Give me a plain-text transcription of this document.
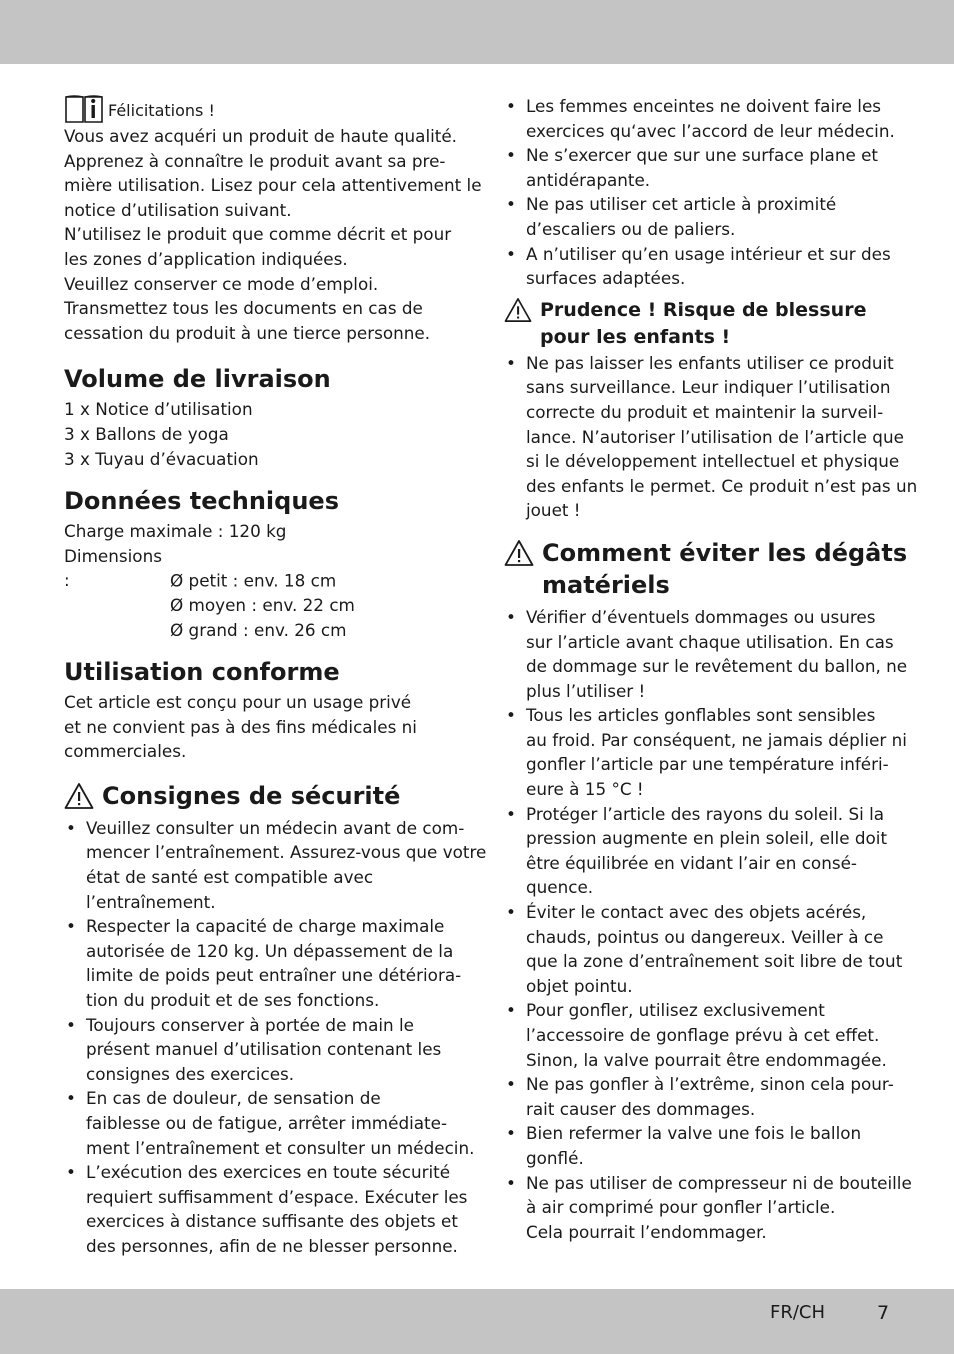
Félicitations !

Vous avez acquéri un produit de haute qualité.
Apprenez à connaître le produit avant sa pre-
mière utilisation. Lisez pour cela attentivement le
notice d’utilisation suivant.
N’utilisez le produit que comme décrit et pour
les zones d’application indiquées.
Veuillez conserver ce mode d’emploi.
Transmettez tous les documents en cas de
cessation du produit à une tierce personne.

Volume de livraison

1 x Notice d’utilisation
3 x Ballons de yoga
3 x Tuyau d’évacuation

Données techniques

Charge maximale : 120 kg
Dimensions :	Ø petit : env. 18 cm
Ø moyen : env. 22 cm
Ø grand : env. 26 cm

Utilisation conforme

Cet article est conçu pour un usage privé
et ne convient pas à des fins médicales ni
commerciales.

Consignes de sécurité
• Veuillez consulter un médecin avant de com-
mencer l’entraînement. Assurez-vous que votre
état de santé est compatible avec
l’entraînement.
• Respecter la capacité de charge maximale
autorisée de 120 kg. Un dépassement de la
limite de poids peut entraîner une détériora-
tion du produit et de ses fonctions.
• Toujours conserver à portée de main le
présent manuel d’utilisation contenant les
consignes des exercices.
• En cas de douleur, de sensation de
faiblesse ou de fatigue, arrêter immédiate-
ment l’entraînement et consulter un médecin.
• L’exécution des exercices en toute sécurité
requiert suffisamment d’espace. Exécuter les
exercices à distance suffisante des objets et
des personnes, afin de ne blesser personne.
• Les femmes enceintes ne doivent faire les
exercices qu‘avec l’accord de leur médecin.
• Ne s’exercer que sur une surface plane et
antidérapante.
• Ne pas utiliser cet article à proximité
d’escaliers ou de paliers.
• A n’utiliser qu’en usage intérieur et sur des
surfaces adaptées.
Prudence ! Risque de blessure
pour les enfants !
• Ne pas laisser les enfants utiliser ce produit
sans surveillance. Leur indiquer l’utilisation
correcte du produit et maintenir la surveil-
lance. N’autoriser l’utilisation de l’article que
si le développement intellectuel et physique
des enfants le permet. Ce produit n’est pas un
jouet !
Comment éviter les dégâts
matériels
• Vérifier d’éventuels dommages ou usures
sur l’article avant chaque utilisation. En cas
de dommage sur le revêtement du ballon, ne
plus l’utiliser !
• Tous les articles gonflables sont sensibles
au froid. Par conséquent, ne jamais déplier ni
gonfler l’article par une température inféri-
eure à 15 °C !
• Protéger l’article des rayons du soleil. Si la
pression augmente en plein soleil, elle doit
être équilibrée en vidant l’air en consé-
quence.
• Éviter le contact avec des objets acérés,
chauds, pointus ou dangereux. Veiller à ce
que la zone d’entraînement soit libre de tout
objet pointu.
• Pour gonfler, utilisez exclusivement
l’accessoire de gonflage prévu à cet effet.
Sinon, la valve pourrait être endommagée.
• Ne pas gonfler à l’extrême, sinon cela pour-
rait causer des dommages.
• Bien refermer la valve une fois le ballon
gonflé.
• Ne pas utiliser de compresseur ni de bouteille
à air comprimé pour gonfler l’article.
Cela pourrait l’endommager.
FR/CH	7
